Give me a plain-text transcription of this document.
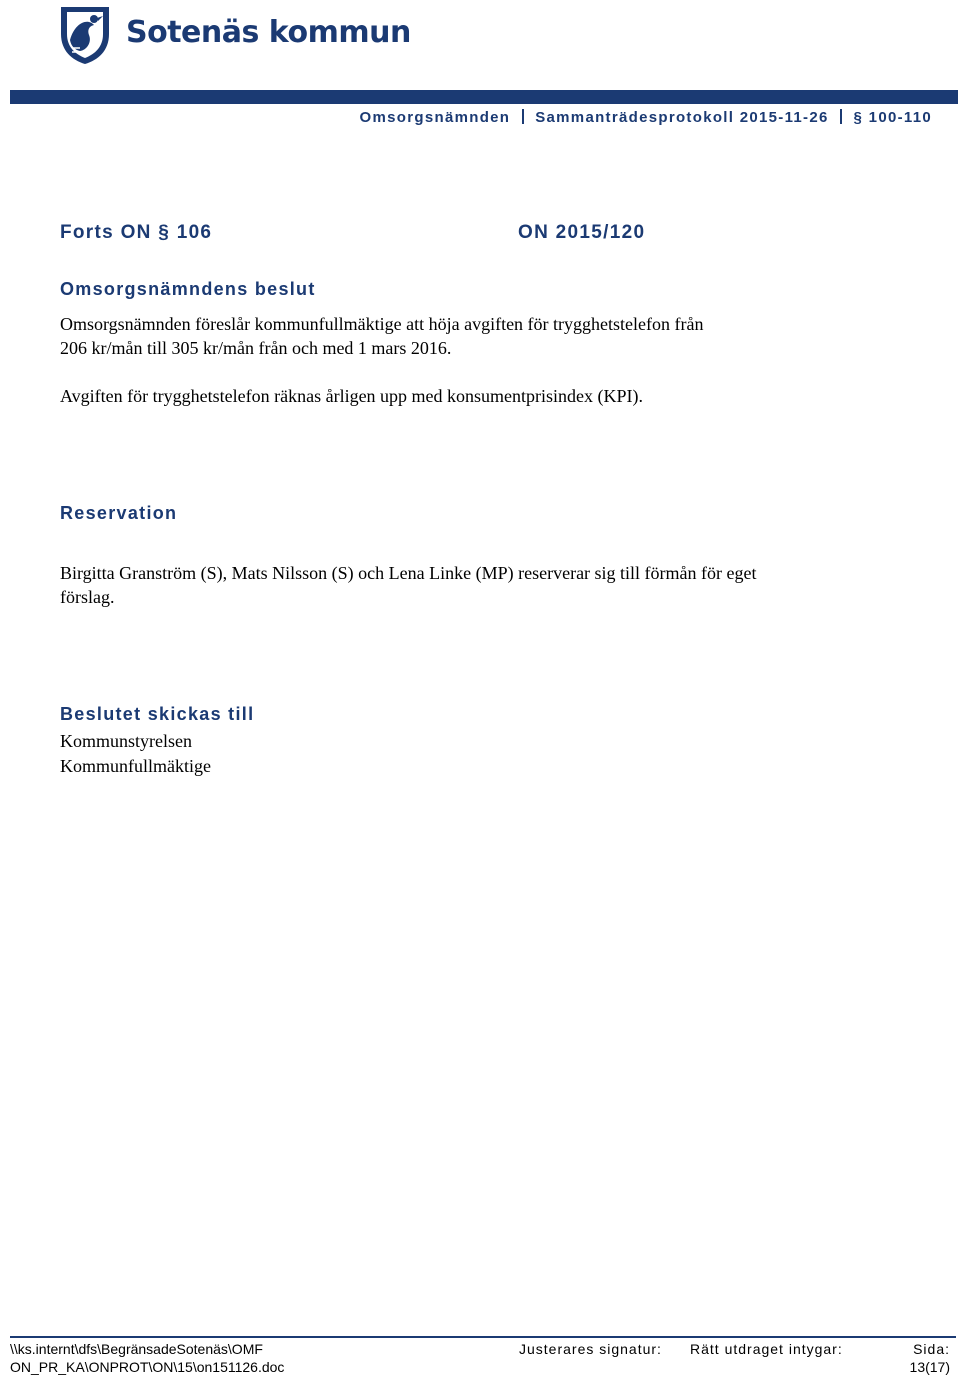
Sotenäs kommun
Omsorgsnämnden Sammanträdesprotokoll 2015-11-26 § 100-110
Forts ON § 106	ON 2015/120
Omsorgsnämndens beslut
Omsorgsnämnden föreslår kommunfullmäktige att höja avgiften för trygghetstelefon från
206 kr/mån till 305 kr/mån från och med 1 mars 2016.
Avgiften för trygghetstelefon räknas årligen upp med konsumentprisindex (KPI).
Reservation
Birgitta Granström (S), Mats Nilsson (S) och Lena Linke (MP) reserverar sig till förmån för eget
förslag.
Beslutet skickas till
Kommunstyrelsen
Kommunfullmäktige
\\ks.internt\dfs\BegränsadeSotenäs\OMF
ON_PR_KA\ONPROT\ON\15\on151126.doc
Justerares signatur: Rätt utdraget intygar:	Sida:
13(17)
